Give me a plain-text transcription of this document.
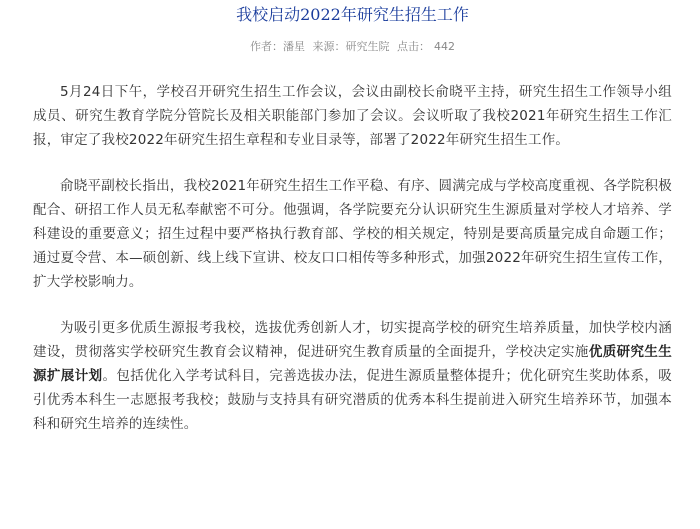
我校启动2022年研究生招生工作
作者：潘星 来源：研究生院 点击： 442

5月24日下午，学校召开研究生招生工作会议，会议由副校长俞晓平主持，研究生招生工作领导小组成员、研究生教育学院分管院长及相关职能部门参加了会议。会议听取了我校2021年研究生招生工作汇报，审定了我校2022年研究生招生章程和专业目录等，部署了2022年研究生招生工作。

俞晓平副校长指出，我校2021年研究生招生工作平稳、有序、圆满完成与学校高度重视、各学院积极配合、研招工作人员无私奉献密不可分。他强调，各学院要充分认识研究生生源质量对学校人才培养、学科建设的重要意义；招生过程中要严格执行教育部、学校的相关规定，特别是要高质量完成自命题工作；通过夏令营、本—硕创新、线上线下宣讲、校友口口相传等多种形式，加强2022年研究生招生宣传工作，扩大学校影响力。

为吸引更多优质生源报考我校，选拔优秀创新人才，切实提高学校的研究生培养质量，加快学校内涵建设，贯彻落实学校研究生教育会议精神，促进研究生教育质量的全面提升，学校决定实施优质研究生生源扩展计划。包括优化入学考试科目，完善选拔办法，促进生源质量整体提升；优化研究生奖助体系，吸引优秀本科生一志愿报考我校；鼓励与支持具有研究潜质的优秀本科生提前进入研究生培养环节，加强本科和研究生培养的连续性。
